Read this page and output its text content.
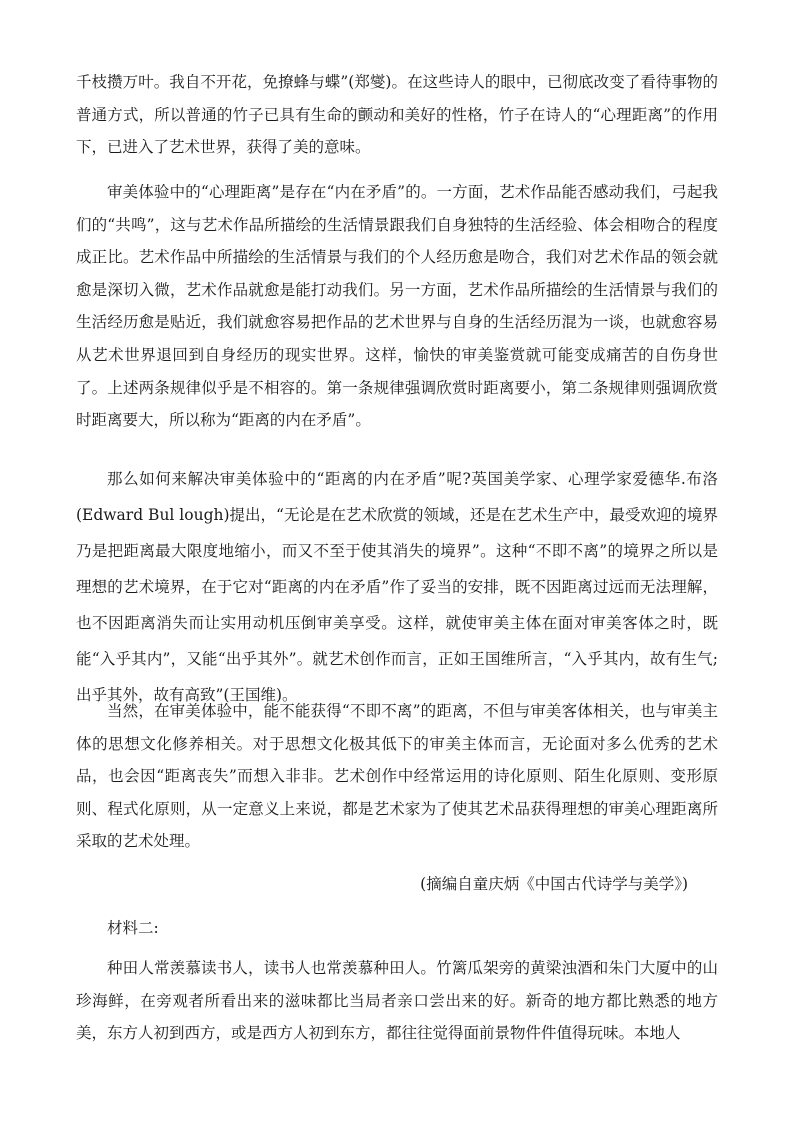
千枝攒万叶。我自不开花，免撩蜂与蝶”(郑燮)。在这些诗人的眼中，已彻底改变了看待事物的普通方式，所以普通的竹子已具有生命的颤动和美好的性格，竹子在诗人的“心理距离”的作用下，已进入了艺术世界，获得了美的意味。

审美体验中的“心理距离”是存在“内在矛盾”的。一方面，艺术作品能否感动我们，弓起我们的“共鸣”，这与艺术作品所描绘的生活情景跟我们自身独特的生活经验、体会相吻合的程度成正比。艺术作品中所描绘的生活情景与我们的个人经历愈是吻合，我们对艺术作品的领会就愈是深切入微，艺术作品就愈是能打动我们。另一方面，艺术作品所描绘的生活情景与我们的生活经历愈是贴近，我们就愈容易把作品的艺术世界与自身的生活经历混为一谈，也就愈容易从艺术世界退回到自身经历的现实世界。这样，愉快的审美鉴赏就可能变成痛苦的自伤身世了。上述两条规律似乎是不相容的。第一条规律强调欣赏时距离要小，第二条规律则强调欣赏时距离要大，所以称为“距离的内在矛盾”。

那么如何来解决审美体验中的“距离的内在矛盾”呢?英国美学家、心理学家爱德华.布洛(Edward Bul lough)提出，“无论是在艺术欣赏的领域，还是在艺术生产中，最受欢迎的境界乃是把距离最大限度地缩小，而又不至于使其消失的境界”。这种“不即不离”的境界之所以是理想的艺术境界，在于它对“距离的内在矛盾”作了妥当的安排，既不因距离过远而无法理解，也不因距离消失而让实用动机压倒审美享受。这样，就使审美主体在面对审美客体之时，既能“入乎其内”，又能“出乎其外”。就艺术创作而言，正如王国维所言，“入乎其内，故有生气;出乎其外，故有高致”(王国维)。

当然，在审美体验中，能不能获得“不即不离”的距离，不但与审美客体相关，也与审美主体的思想文化修养相关。对于思想文化极其低下的审美主体而言，无论面对多么优秀的艺术品，也会因“距离丧失”而想入非非。艺术创作中经常运用的诗化原则、陌生化原则、变形原则、程式化原则，从一定意义上来说，都是艺术家为了使其艺术品获得理想的审美心理距离所采取的艺术处理。

(摘编自童庆炳《中国古代诗学与美学》)

材料二:

种田人常羡慕读书人，读书人也常羡慕种田人。竹篱瓜架旁的黄梁浊酒和朱门大厦中的山珍海鲜，在旁观者所看出来的滋味都比当局者亲口尝出来的好。新奇的地方都比熟悉的地方美，东方人初到西方，或是西方人初到东方，都往往觉得面前景物件件值得玩味。本地人
